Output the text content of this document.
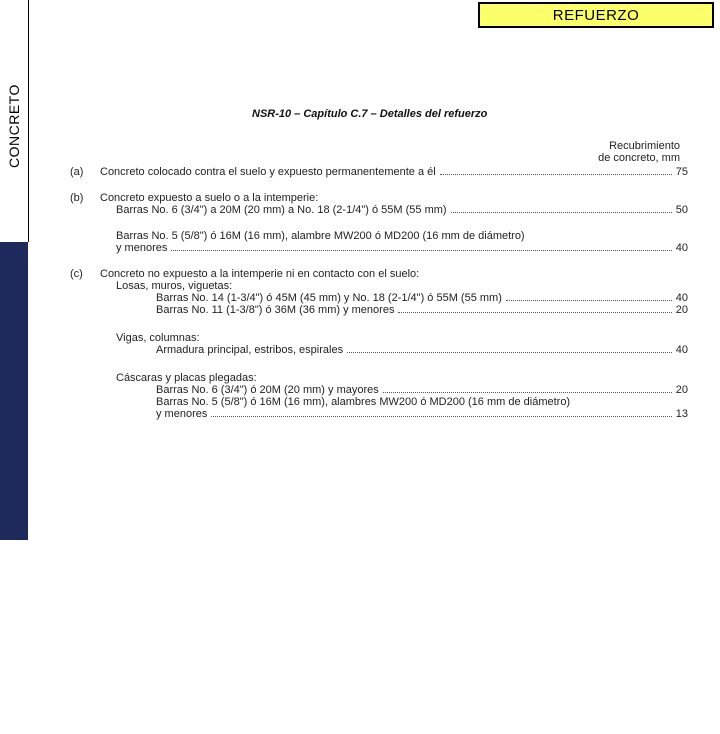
CONCRETO
ESPACIO Y MATERIALIDAD
REFUERZO
NSR-10 – Capítulo C.7 – Detalles del refuerzo
Recubrimiento
de concreto, mm
(a)	Concreto colocado contra el suelo y expuesto permanentemente a él	75
(b)	Concreto expuesto a suelo o a la intemperie:
Barras No. 6 (3/4") a 20M (20 mm) a No. 18 (2-1/4") ó 55M (55 mm)	50
Barras No. 5 (5/8") ó 16M (16 mm), alambre MW200 ó MD200 (16 mm de diámetro)
y menores	40
(c)	Concreto no expuesto a la intemperie ni en contacto con el suelo:
Losas, muros, viguetas:
Barras No. 14 (1-3/4") ó 45M (45 mm) y No. 18 (2-1/4") ó 55M (55 mm)	40
Barras No. 11 (1-3/8") ó 36M (36 mm) y menores	20
Vigas, columnas:
Armadura principal, estribos, espirales	40
Cáscaras y placas plegadas:
Barras No. 6 (3/4") ó 20M (20 mm) y mayores	20
Barras No. 5 (5/8") ó 16M (16 mm), alambres MW200 ó MD200 (16 mm de diámetro)
y menores	13
